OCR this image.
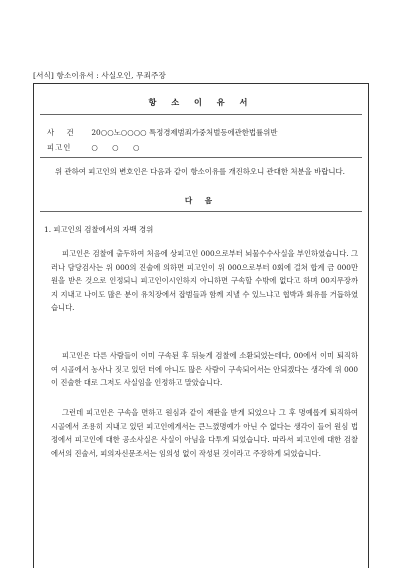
[서식] 항소이유서 : 사실오인, 무죄주장
항 소 이 유 서
사 건 20○○노○○○○ 특정경제범죄가중처벌등에관한법률위반
피고인	○ ○ ○
위 관하여 피고인의 변호인은 다음과 같이 항소이유를 개진하오니 관대한 처분을 바랍니다.
다 음
1. 피고인의 검찰에서의 자백 경위
피고인은 검찰에 출두하여 처음에 상피고인 000으로부터 뇌물수수사실을 부인하였습니다. 그러나 담당검사는 위 000의 진술에 의하면 피고인이 위 000으로부터 0회에 걸쳐 합계 금 000만원을 받은 것으로 인정되니 피고인이시인하지 아니하면 구속할 수밖에 없다고 하며 00지무장까지 지내고 나이도 많은 분이 유치장에서 잡범들과 함께 지낼 수 있느냐고 협박과 회유를 거듭하였습니다.
피고인은 다른 사람들이 이미 구속된 후 뒤늦게 검찰에 소환되었는데다, 00에서 이미 퇴직하여 시골에서 농사나 짓고 있던 터에 아니도 많은 사람이 구속되어서는 안되겠다는 생각에 위 000이 진술한 대로 그저도 사실임을 인정하고 말았습니다.
그런데 피고인은 구속을 면하고 원심과 같이 재판을 받게 되었으나 그 후 명예롭게 퇴직하여 시골에서 조용히 지내고 있던 피고인에게서는 큰느꼈명예가 아닌 수 없다는 생각이 들어 원심 법정에서 피고인에 대한 공소사실은 사실이 아님을 다투게 되었습니다. 따라서 피고인에 대한 검찰에서의 진술서, 피의자신문조서는 임의성 없이 작성된 것이라고 주장하게 되었습니다.
